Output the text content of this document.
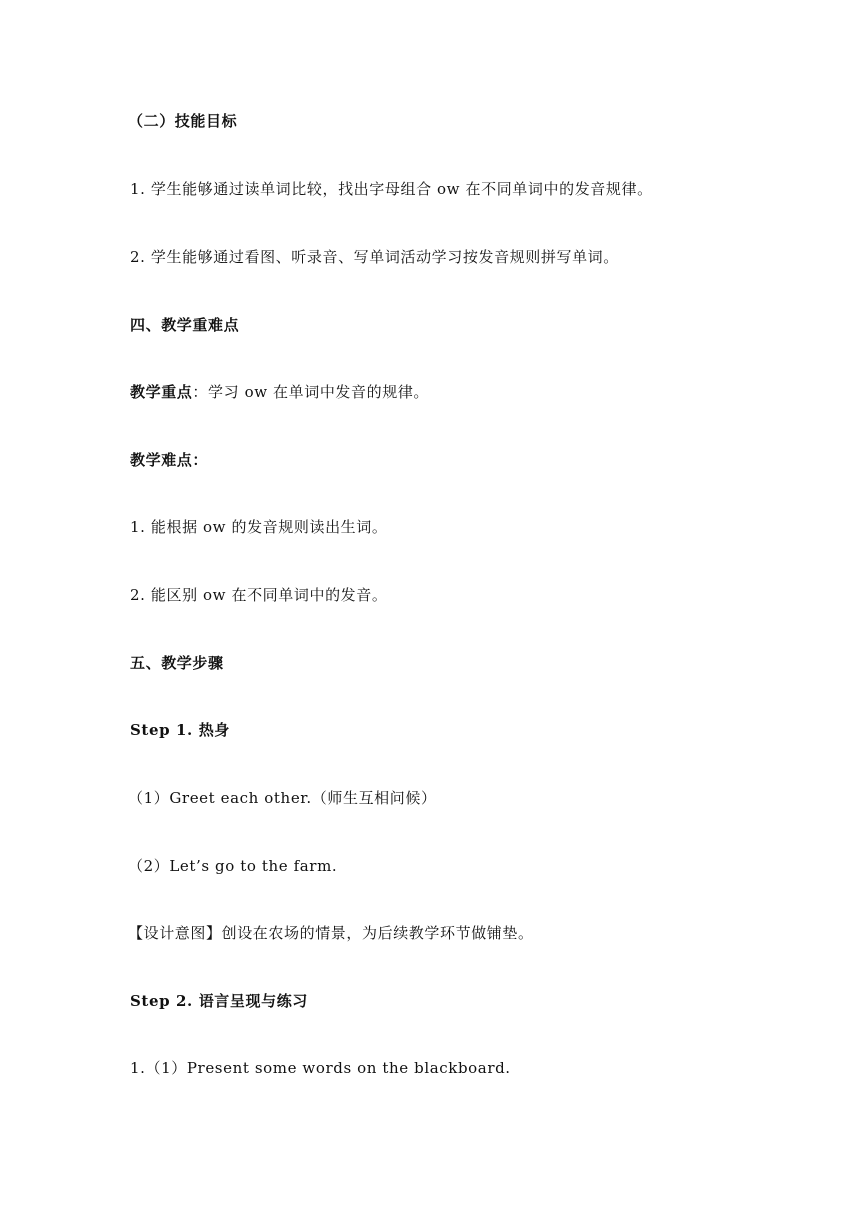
（二）技能目标
1. 学生能够通过读单词比较，找出字母组合 ow 在不同单词中的发音规律。
2. 学生能够通过看图、听录音、写单词活动学习按发音规则拼写单词。
四、教学重难点
教学重点：学习 ow 在单词中发音的规律。
教学难点：
1. 能根据 ow 的发音规则读出生词。
2. 能区别 ow 在不同单词中的发音。
五、教学步骤
Step 1. 热身
（1）Greet each other.（师生互相问候）
（2）Let’s go to the farm.
【设计意图】创设在农场的情景，为后续教学环节做铺垫。
Step 2. 语言呈现与练习
1.（1）Present some words on the blackboard.
